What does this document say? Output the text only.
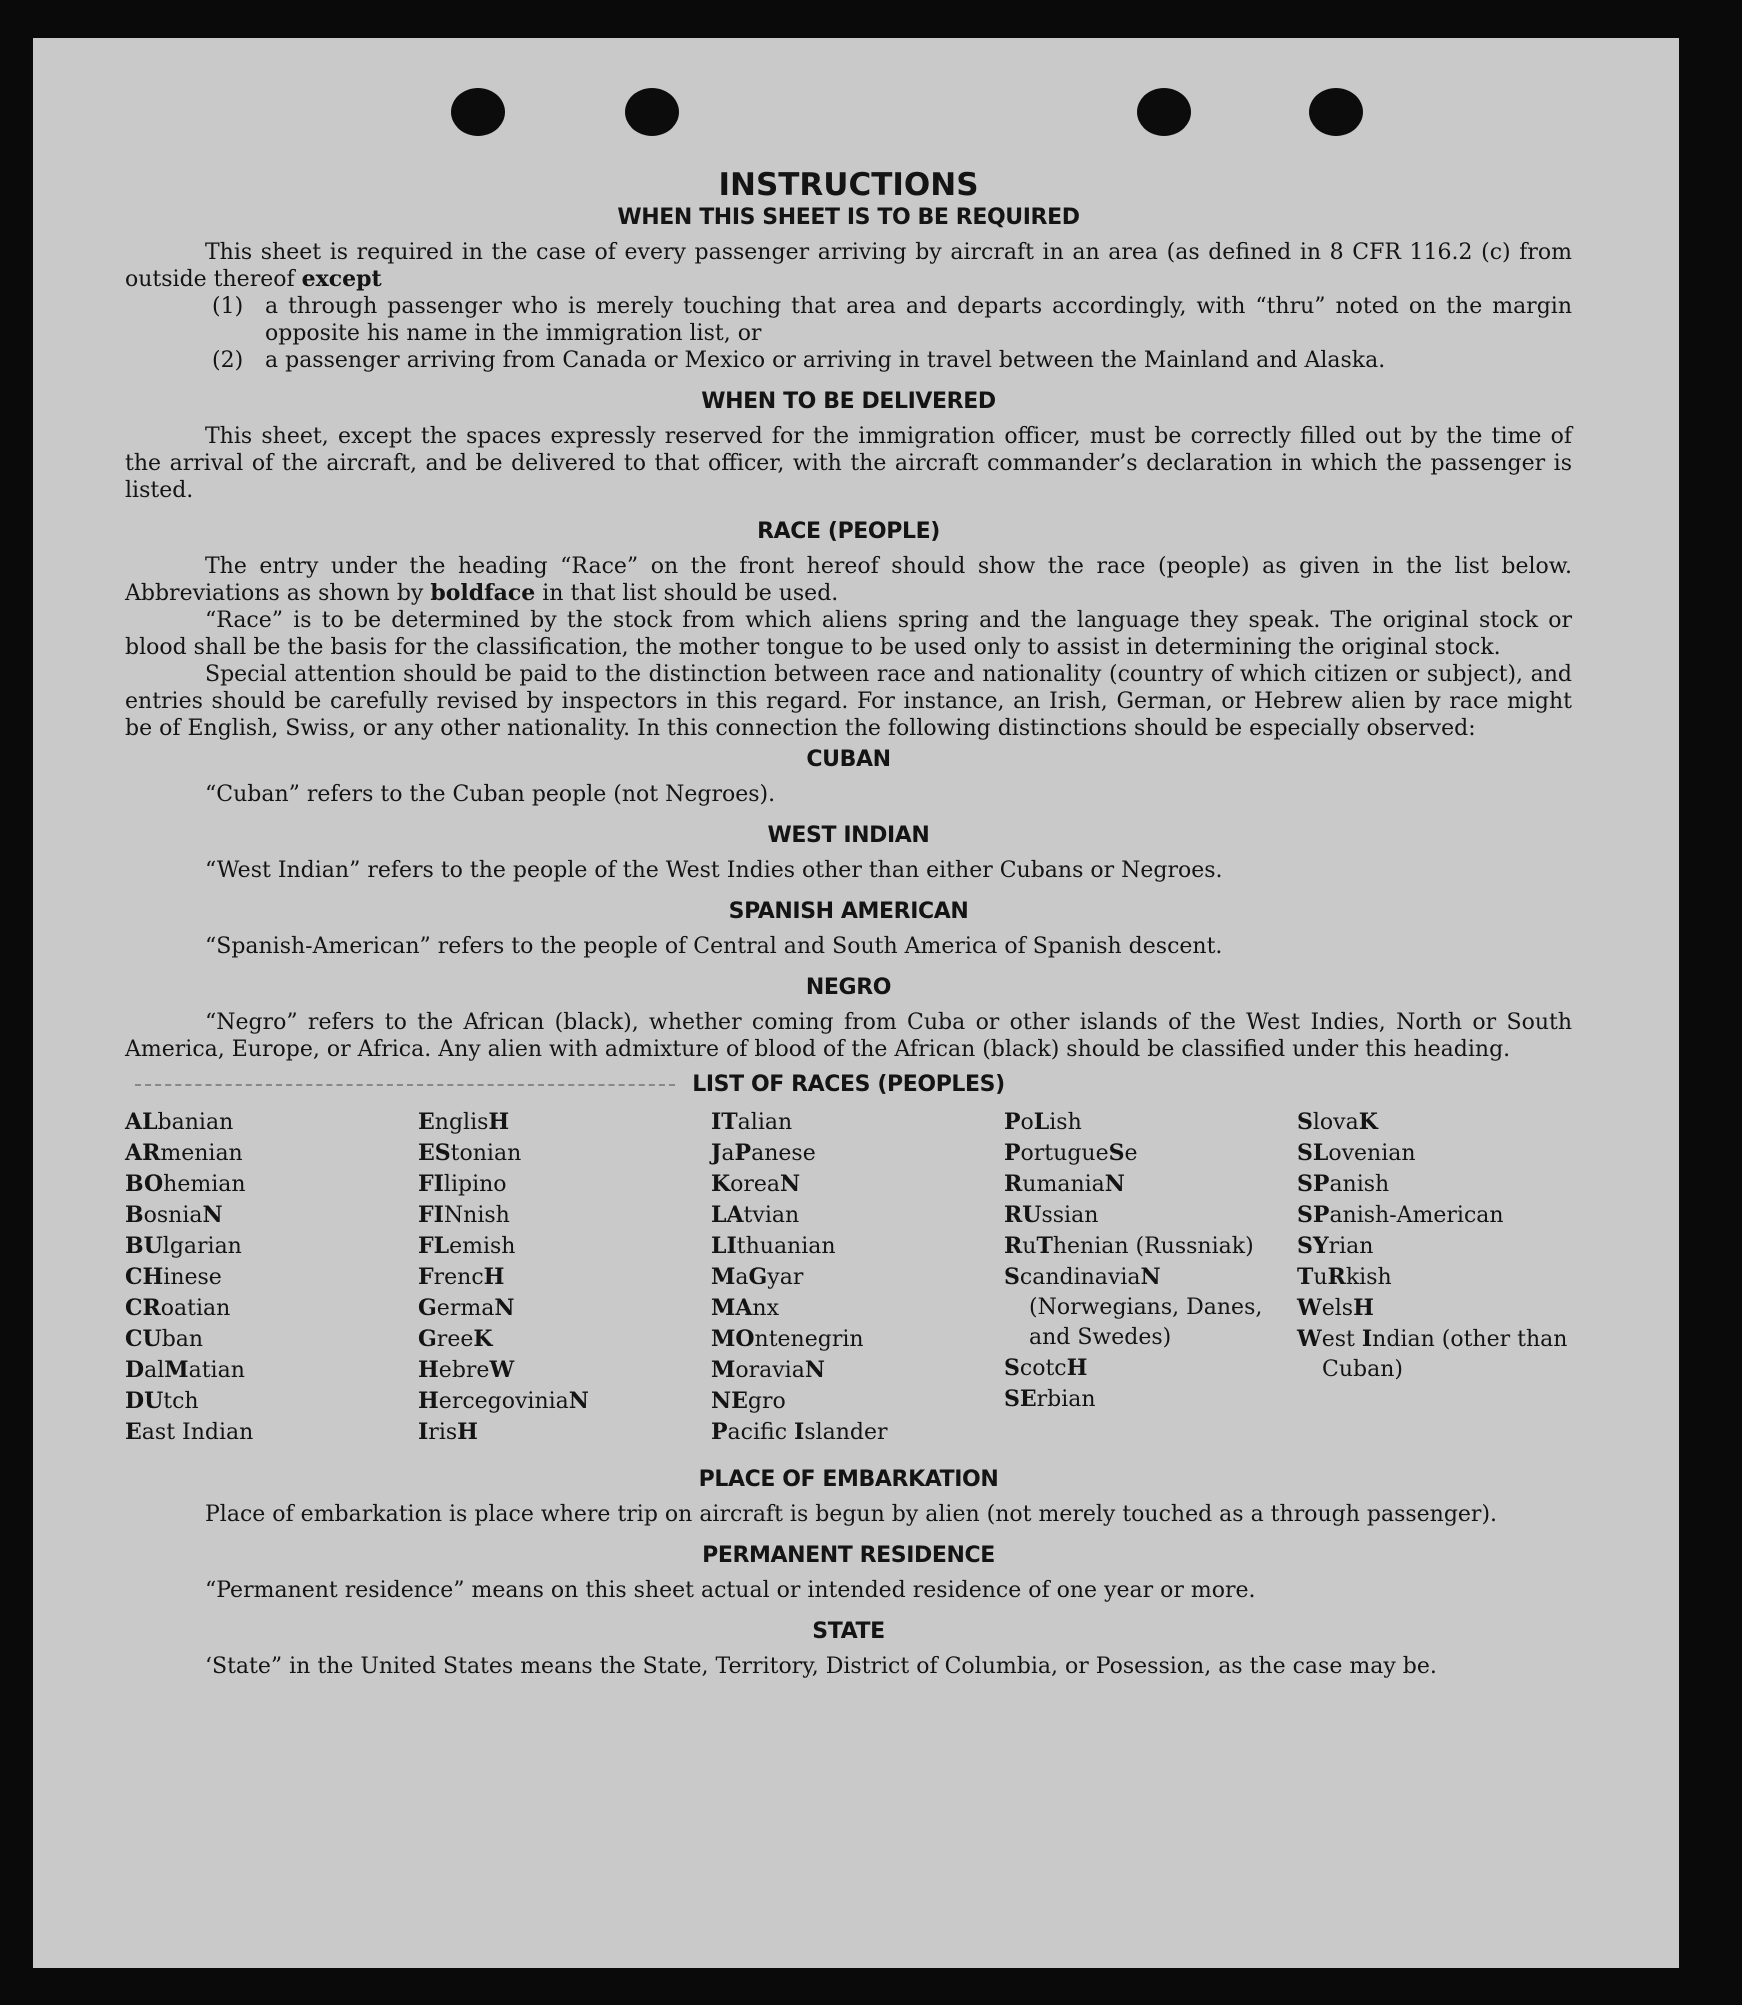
INSTRUCTIONS
WHEN THIS SHEET IS TO BE REQUIRED

This sheet is required in the case of every passenger arriving by aircraft in an area (as defined in 8 CFR 116.2 (c) from outside thereof except

(1) a through passenger who is merely touching that area and departs accordingly, with “thru” noted on the margin opposite his name in the immigration list, or

(2) a passenger arriving from Canada or Mexico or arriving in travel between the Mainland and Alaska.

WHEN TO BE DELIVERED

This sheet, except the spaces expressly reserved for the immigration officer, must be correctly filled out by the time of the arrival of the aircraft, and be delivered to that officer, with the aircraft commander’s declaration in which the passenger is listed.

RACE (PEOPLE)

The entry under the heading “Race” on the front hereof should show the race (people) as given in the list below. Abbreviations as shown by boldface in that list should be used.

“Race” is to be determined by the stock from which aliens spring and the language they speak. The original stock or blood shall be the basis for the classification, the mother tongue to be used only to assist in determining the original stock.

Special attention should be paid to the distinction between race and nationality (country of which citizen or subject), and entries should be carefully revised by inspectors in this regard. For instance, an Irish, German, or Hebrew alien by race might be of English, Swiss, or any other nationality. In this connection the following distinctions should be especially observed:

CUBAN

“Cuban” refers to the Cuban people (not Negroes).

WEST INDIAN

“West Indian” refers to the people of the West Indies other than either Cubans or Negroes.

SPANISH AMERICAN

“Spanish-American” refers to the people of Central and South America of Spanish descent.

NEGRO

“Negro” refers to the African (black), whether coming from Cuba or other islands of the West Indies, North or South America, Europe, or Africa. Any alien with admixture of blood of the African (black) should be classified under this heading.

LIST OF RACES (PEOPLES)
ALbanian
ARmenian
BOhemian
BosniaN
BUlgarian
CHinese
CRoatian
CUban
DalMatian
DUtch
East Indian
EnglisH
EStonian
FIlipino
FINnish
FLemish
FrencH
GermaN
GreeK
HebreW
HercegoviniaN
IrisH
ITalian
JaPanese
KoreaN
LAtvian
LIthuanian
MaGyar
MAnx
MOntenegrin
MoraviaN
NEgro
Pacific Islander
PoLish
PortugueSe
RumaniaN
RUssian
RuThenian (Russniak)
ScandinaviaN (Norwegians, Danes, and Swedes)
ScotcH
SErbian
SlovaK
SLovenian
SPanish
SPanish-American
SYrian
TuRkish
WelsH
West Indian (other than Cuban)
PLACE OF EMBARKATION

Place of embarkation is place where trip on aircraft is begun by alien (not merely touched as a through passenger).

PERMANENT RESIDENCE

“Permanent residence” means on this sheet actual or intended residence of one year or more.

STATE

‘State” in the United States means the State, Territory, District of Columbia, or Posession, as the case may be.
